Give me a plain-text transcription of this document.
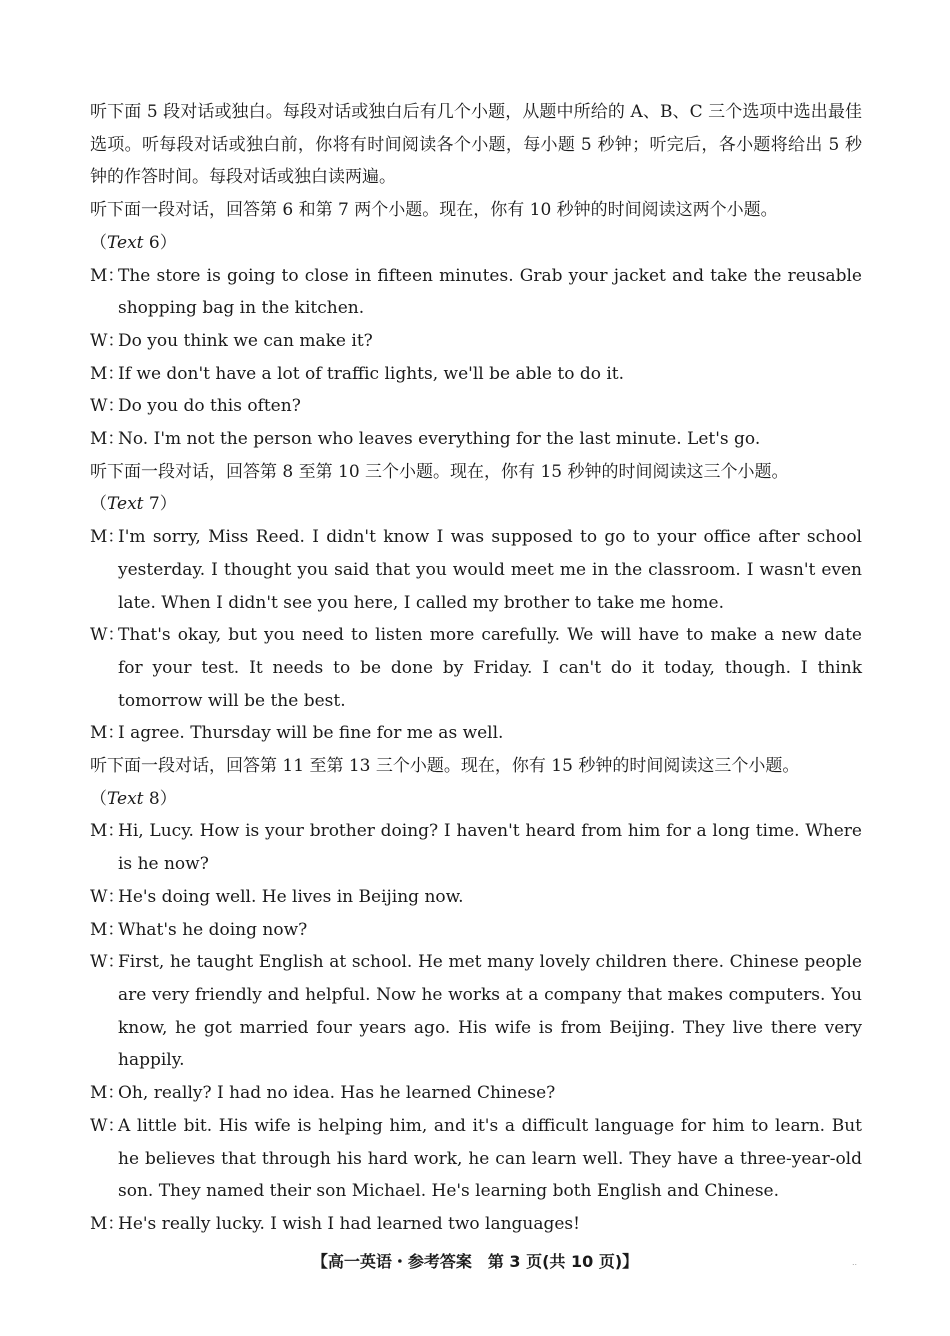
听下面 5 段对话或独白。每段对话或独白后有几个小题，从题中所给的 A、B、C 三个选项中选出最佳选项。听每段对话或独白前，你将有时间阅读各个小题，每小题 5 秒钟；听完后，各小题将给出 5 秒钟的作答时间。每段对话或独白读两遍。

听下面一段对话，回答第 6 和第 7 两个小题。现在，你有 10 秒钟的时间阅读这两个小题。

（Text 6）

M：The store is going to close in fifteen minutes. Grab your jacket and take the reusable shopping bag in the kitchen.

W：Do you think we can make it?

M：If we don't have a lot of traffic lights, we'll be able to do it.

W：Do you do this often?

M：No. I'm not the person who leaves everything for the last minute. Let's go.

听下面一段对话，回答第 8 至第 10 三个小题。现在，你有 15 秒钟的时间阅读这三个小题。

（Text 7）

M：I'm sorry, Miss Reed. I didn't know I was supposed to go to your office after school yesterday. I thought you said that you would meet me in the classroom. I wasn't even late. When I didn't see you here, I called my brother to take me home.

W：That's okay, but you need to listen more carefully. We will have to make a new date for your test. It needs to be done by Friday. I can't do it today, though. I think tomorrow will be the best.

M：I agree. Thursday will be fine for me as well.

听下面一段对话，回答第 11 至第 13 三个小题。现在，你有 15 秒钟的时间阅读这三个小题。

（Text 8）

M：Hi, Lucy. How is your brother doing? I haven't heard from him for a long time. Where is he now?

W：He's doing well. He lives in Beijing now.

M：What's he doing now?

W：First, he taught English at school. He met many lovely children there. Chinese people are very friendly and helpful. Now he works at a company that makes computers. You know, he got married four years ago. His wife is from Beijing. They live there very happily.

M：Oh, really? I had no idea. Has he learned Chinese?

W：A little bit. His wife is helping him, and it's a difficult language for him to learn. But he believes that through his hard work, he can learn well. They have a three-year-old son. They named their son Michael. He's learning both English and Chinese.

M：He's really lucky. I wish I had learned two languages!

【高一英语・参考答案　第 3 页(共 10 页)】	..
